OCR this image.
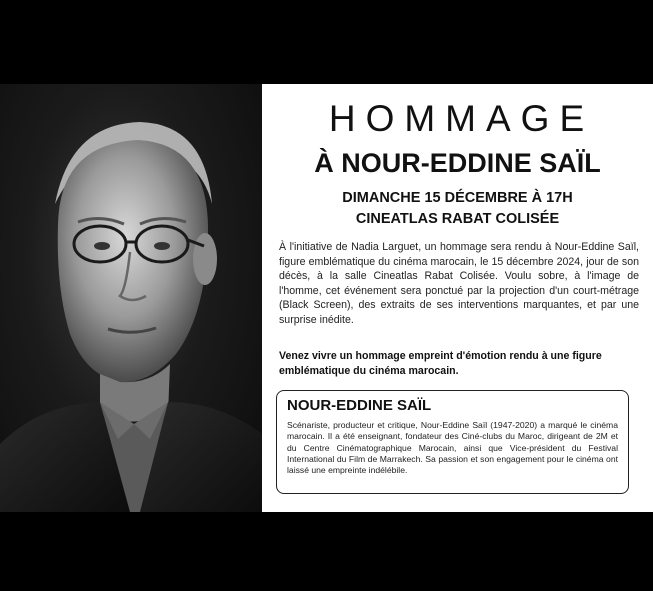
HOMMAGE
À NOUR-EDDINE SAÏL
DIMANCHE 15 DÉCEMBRE À 17H
CINEATLAS RABAT COLISÉE
À l'initiative de Nadia Larguet, un hommage sera rendu à Nour-Eddine Saïl, figure emblématique du cinéma marocain, le 15 décembre 2024, jour de son décès, à la salle Cineatlas Rabat Colisée. Voulu sobre, à l'image de l'homme, cet événement sera ponctué par la projection d'un court-métrage (Black Screen), des extraits de ses interventions marquantes, et par une surprise inédite.
Venez vivre un hommage empreint d'émotion rendu à une figure emblématique du cinéma marocain.
NOUR-EDDINE SAÏL
Scénariste, producteur et critique, Nour-Eddine Saïl (1947-2020) a marqué le cinéma marocain. Il a été enseignant, fondateur des Ciné-clubs du Maroc, dirigeant de 2M et du Centre Cinématographique Marocain, ainsi que Vice-président du Festival International du Film de Marrakech. Sa passion et son engagement pour le cinéma ont laissé une empreinte indélébile.
